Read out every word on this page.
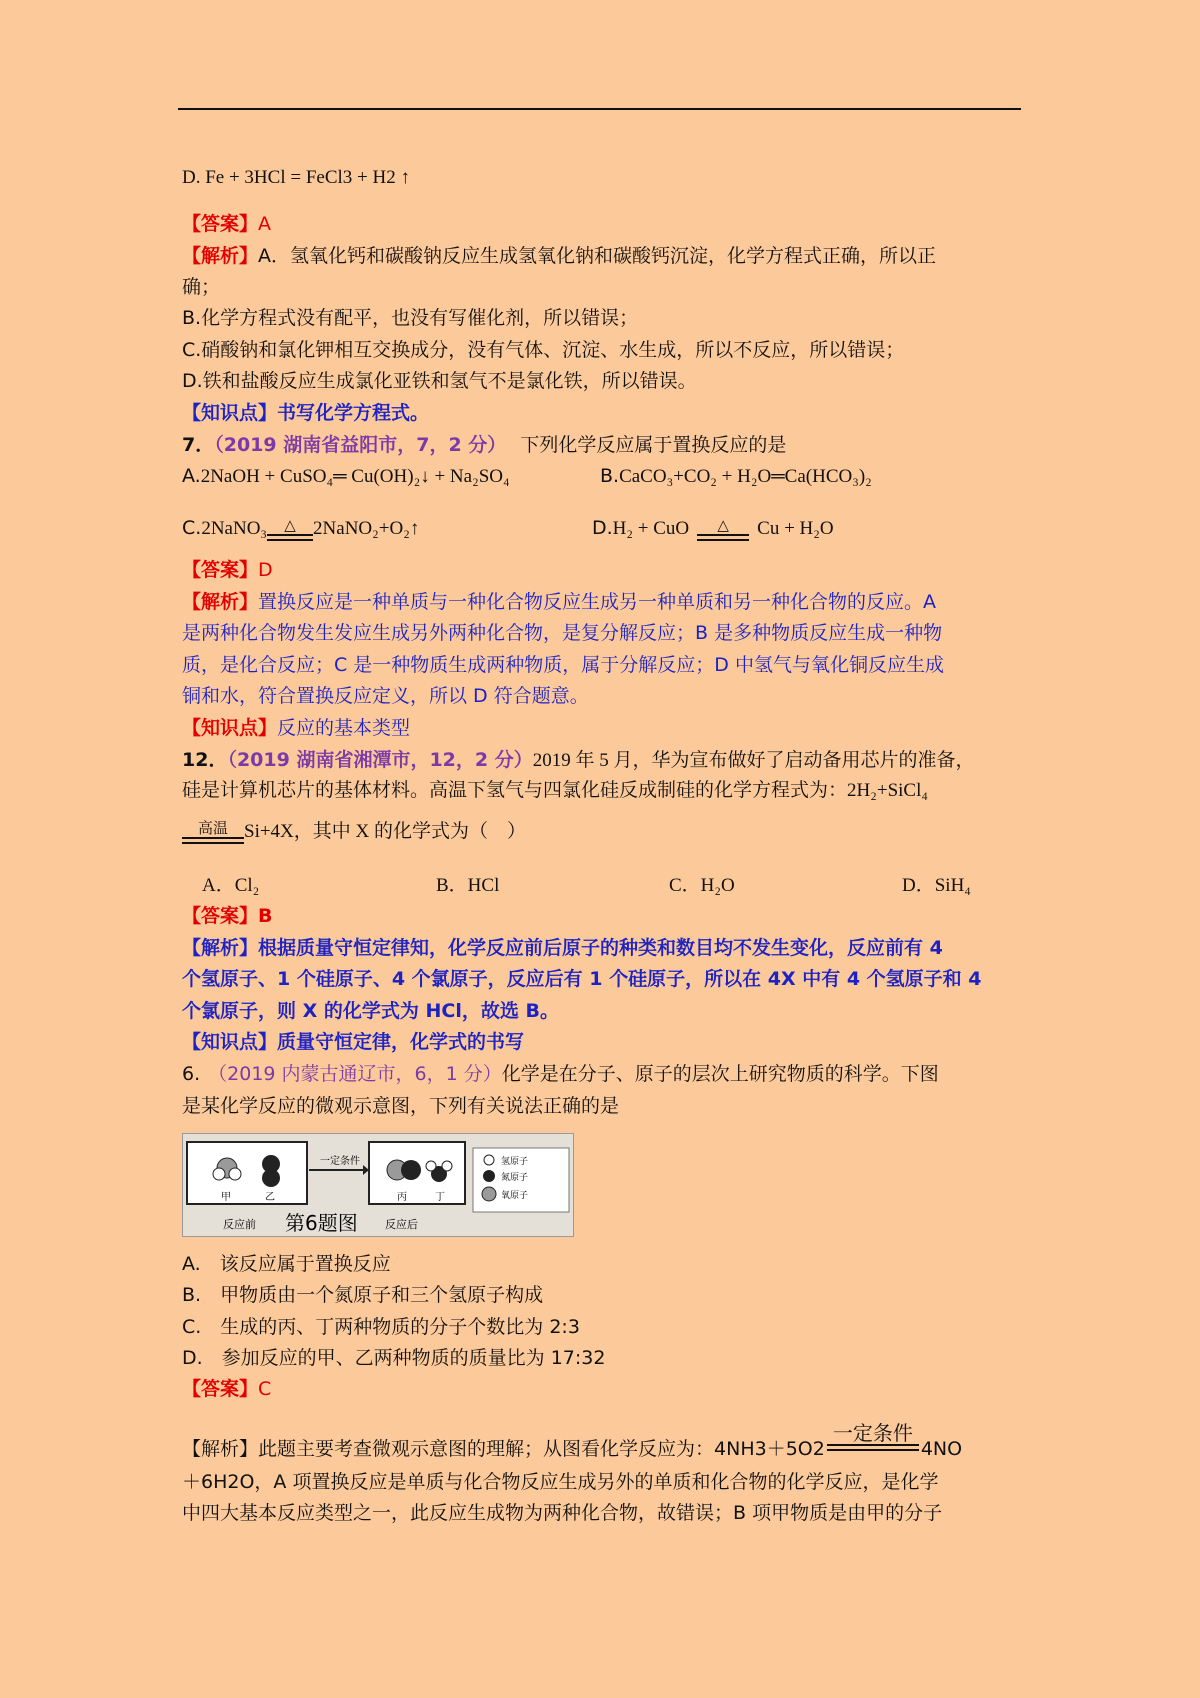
D. Fe + 3HCl = FeCl3 + H2 ↑
【答案】A
【解析】A．氢氧化钙和碳酸钠反应生成氢氧化钠和碳酸钙沉淀，化学方程式正确，所以正
确；
B.化学方程式没有配平，也没有写催化剂，所以错误；
C.硝酸钠和氯化钾相互交换成分，没有气体、沉淀、水生成，所以不反应，所以错误；
D.铁和盐酸反应生成氯化亚铁和氢气不是氯化铁，所以错误。
【知识点】书写化学方程式。
7．（2019 湖南省益阳市，7，2 分） 下列化学反应属于置换反应的是
A.2NaOH + CuSO₄═ Cu(OH)₂↓ + Na₂SO₄	B.CaCO₃+CO₂ + H₂O═Ca(HCO₃)₂
C.2NaNO₃	△ 2NaNO₂+O₂↑	D.H₂ + CuO	△	Cu + H₂O
【答案】D
【解析】置换反应是一种单质与一种化合物反应生成另一种单质和另一种化合物的反应。A
是两种化合物发生发应生成另外两种化合物，是复分解反应；B 是多种物质反应生成一种物
质，是化合反应；C 是一种物质生成两种物质，属于分解反应；D 中氢气与氧化铜反应生成
铜和水，符合置换反应定义，所以 D 符合题意。
【知识点】反应的基本类型
12．（2019 湖南省湘潭市，12，2 分）2019 年 5 月，华为宣布做好了启动备用芯片的准备，
硅是计算机芯片的基体材料。高温下氢气与四氯化硅反成制硅的化学方程式为：2H₂+SiCl₄
高温 Si+4X，其中 X 的化学式为（　）
A．Cl₂	B．HCl	C．H₂O	D．SiH₄
【答案】B
【解析】根据质量守恒定律知，化学反应前后原子的种类和数目均不发生变化，反应前有 4
个氢原子、1 个硅原子、4 个氯原子，反应后有 1 个硅原子，所以在 4X 中有 4 个氢原子和 4
个氯原子，则 X 的化学式为 HCl，故选 B。
【知识点】质量守恒定律，化学式的书写
6. （2019 内蒙古通辽市，6，1 分）化学是在分子、原子的层次上研究物质的科学。下图
是某化学反应的微观示意图，下列有关说法正确的是
一定条件	氢原子
氮原子
氧原子
甲	乙	丙	丁
反应前	反应后
第6题图
A.　该反应属于置换反应
B.　甲物质由一个氮原子和三个氢原子构成
C.　生成的丙、丁两种物质的分子个数比为 2:3
D.　参加反应的甲、乙两种物质的质量比为 17:32
【答案】C
【解析】此题主要考查微观示意图的理解；从图看化学反应为：4NH3＋5O2
一定条件
4NO
＋6H2O，A 项置换反应是单质与化合物反应生成另外的单质和化合物的化学反应，是化学
中四大基本反应类型之一，此反应生成物为两种化合物，故错误；B 项甲物质是由甲的分子
